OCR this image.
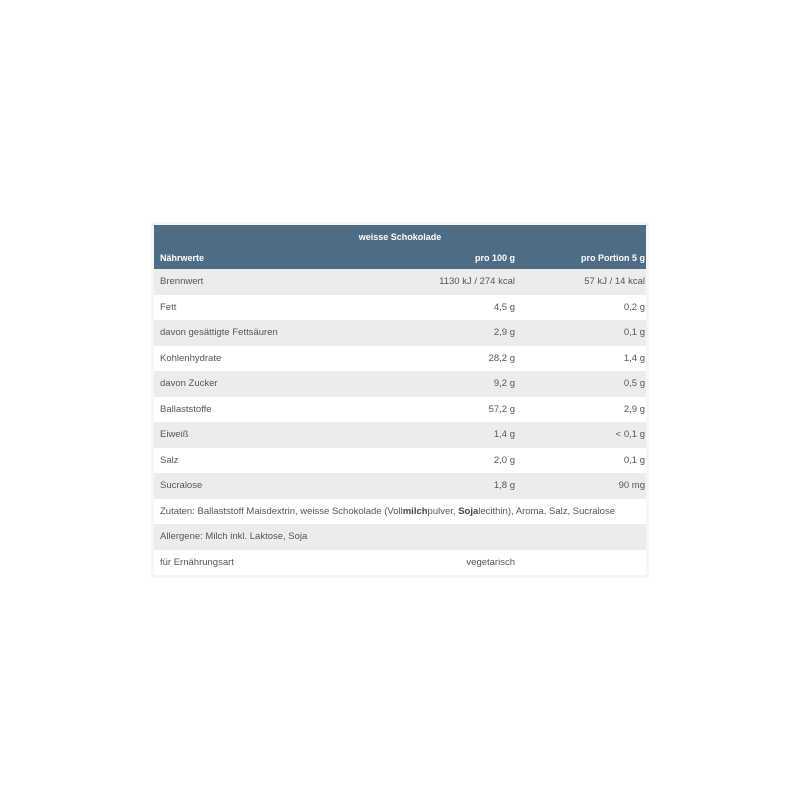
weisse Schokolade
Nährwerte	pro 100 g	pro Portion 5 g
Brennwert	1130 kJ / 274 kcal	57 kJ / 14 kcal
Fett	4,5 g	0,2 g
davon gesättigte Fettsäuren	2,9 g	0,1 g
Kohlenhydrate	28,2 g	1,4 g
davon Zucker	9,2 g	0,5 g
Ballaststoffe	57,2 g	2,9 g
Eiweiß	1,4 g	< 0,1 g
Salz	2,0 g	0,1 g
Sucralose	1,8 g	90 mg
Zutaten: Ballaststoff Maisdextrin, weisse Schokolade (Vollmilchpulver, Sojalecithin), Aroma, Salz, Sucralose
Allergene: Milch inkl. Laktose, Soja
für Ernährungsart	vegetarisch
